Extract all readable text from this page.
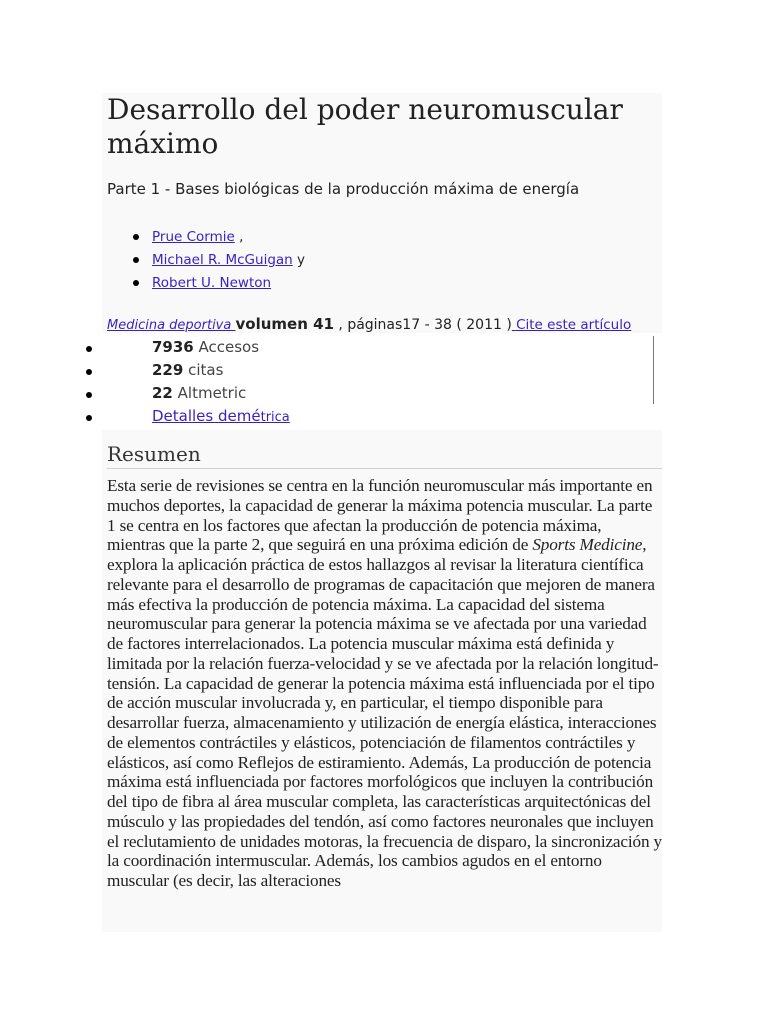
Desarrollo del poder neuromuscular máximo

Parte 1 - Bases biológicas de la producción máxima de energía

Prue Cormie ,
Michael R. McGuigan y
Robert U. Newton
Medicina deportiva volumen 41 , páginas17 - 38 ( 2011 ) Cite este artículo
7936 Accesos
229 citas
22 Altmetric
Detalles demétrica
Resumen

Esta serie de revisiones se centra en la función neuromuscular más importante en muchos deportes, la capacidad de generar la máxima potencia muscular. La parte 1 se centra en los factores que afectan la producción de potencia máxima, mientras que la parte 2, que seguirá en una próxima edición de Sports Medicine, explora la aplicación práctica de estos hallazgos al revisar la literatura científica relevante para el desarrollo de programas de capacitación que mejoren de manera más efectiva la producción de potencia máxima. La capacidad del sistema neuromuscular para generar la potencia máxima se ve afectada por una variedad de factores interrelacionados. La potencia muscular máxima está definida y limitada por la relación fuerza-velocidad y se ve afectada por la relación longitud-tensión. La capacidad de generar la potencia máxima está influenciada por el tipo de acción muscular involucrada y, en particular, el tiempo disponible para desarrollar fuerza, almacenamiento y utilización de energía elástica, interacciones de elementos contráctiles y elásticos, potenciación de filamentos contráctiles y elásticos, así como Reflejos de estiramiento. Además, La producción de potencia máxima está influenciada por factores morfológicos que incluyen la contribución del tipo de fibra al área muscular completa, las características arquitectónicas del músculo y las propiedades del tendón, así como factores neuronales que incluyen el reclutamiento de unidades motoras, la frecuencia de disparo, la sincronización y la coordinación intermuscular. Además, los cambios agudos en el entorno muscular (es decir, las alteraciones
